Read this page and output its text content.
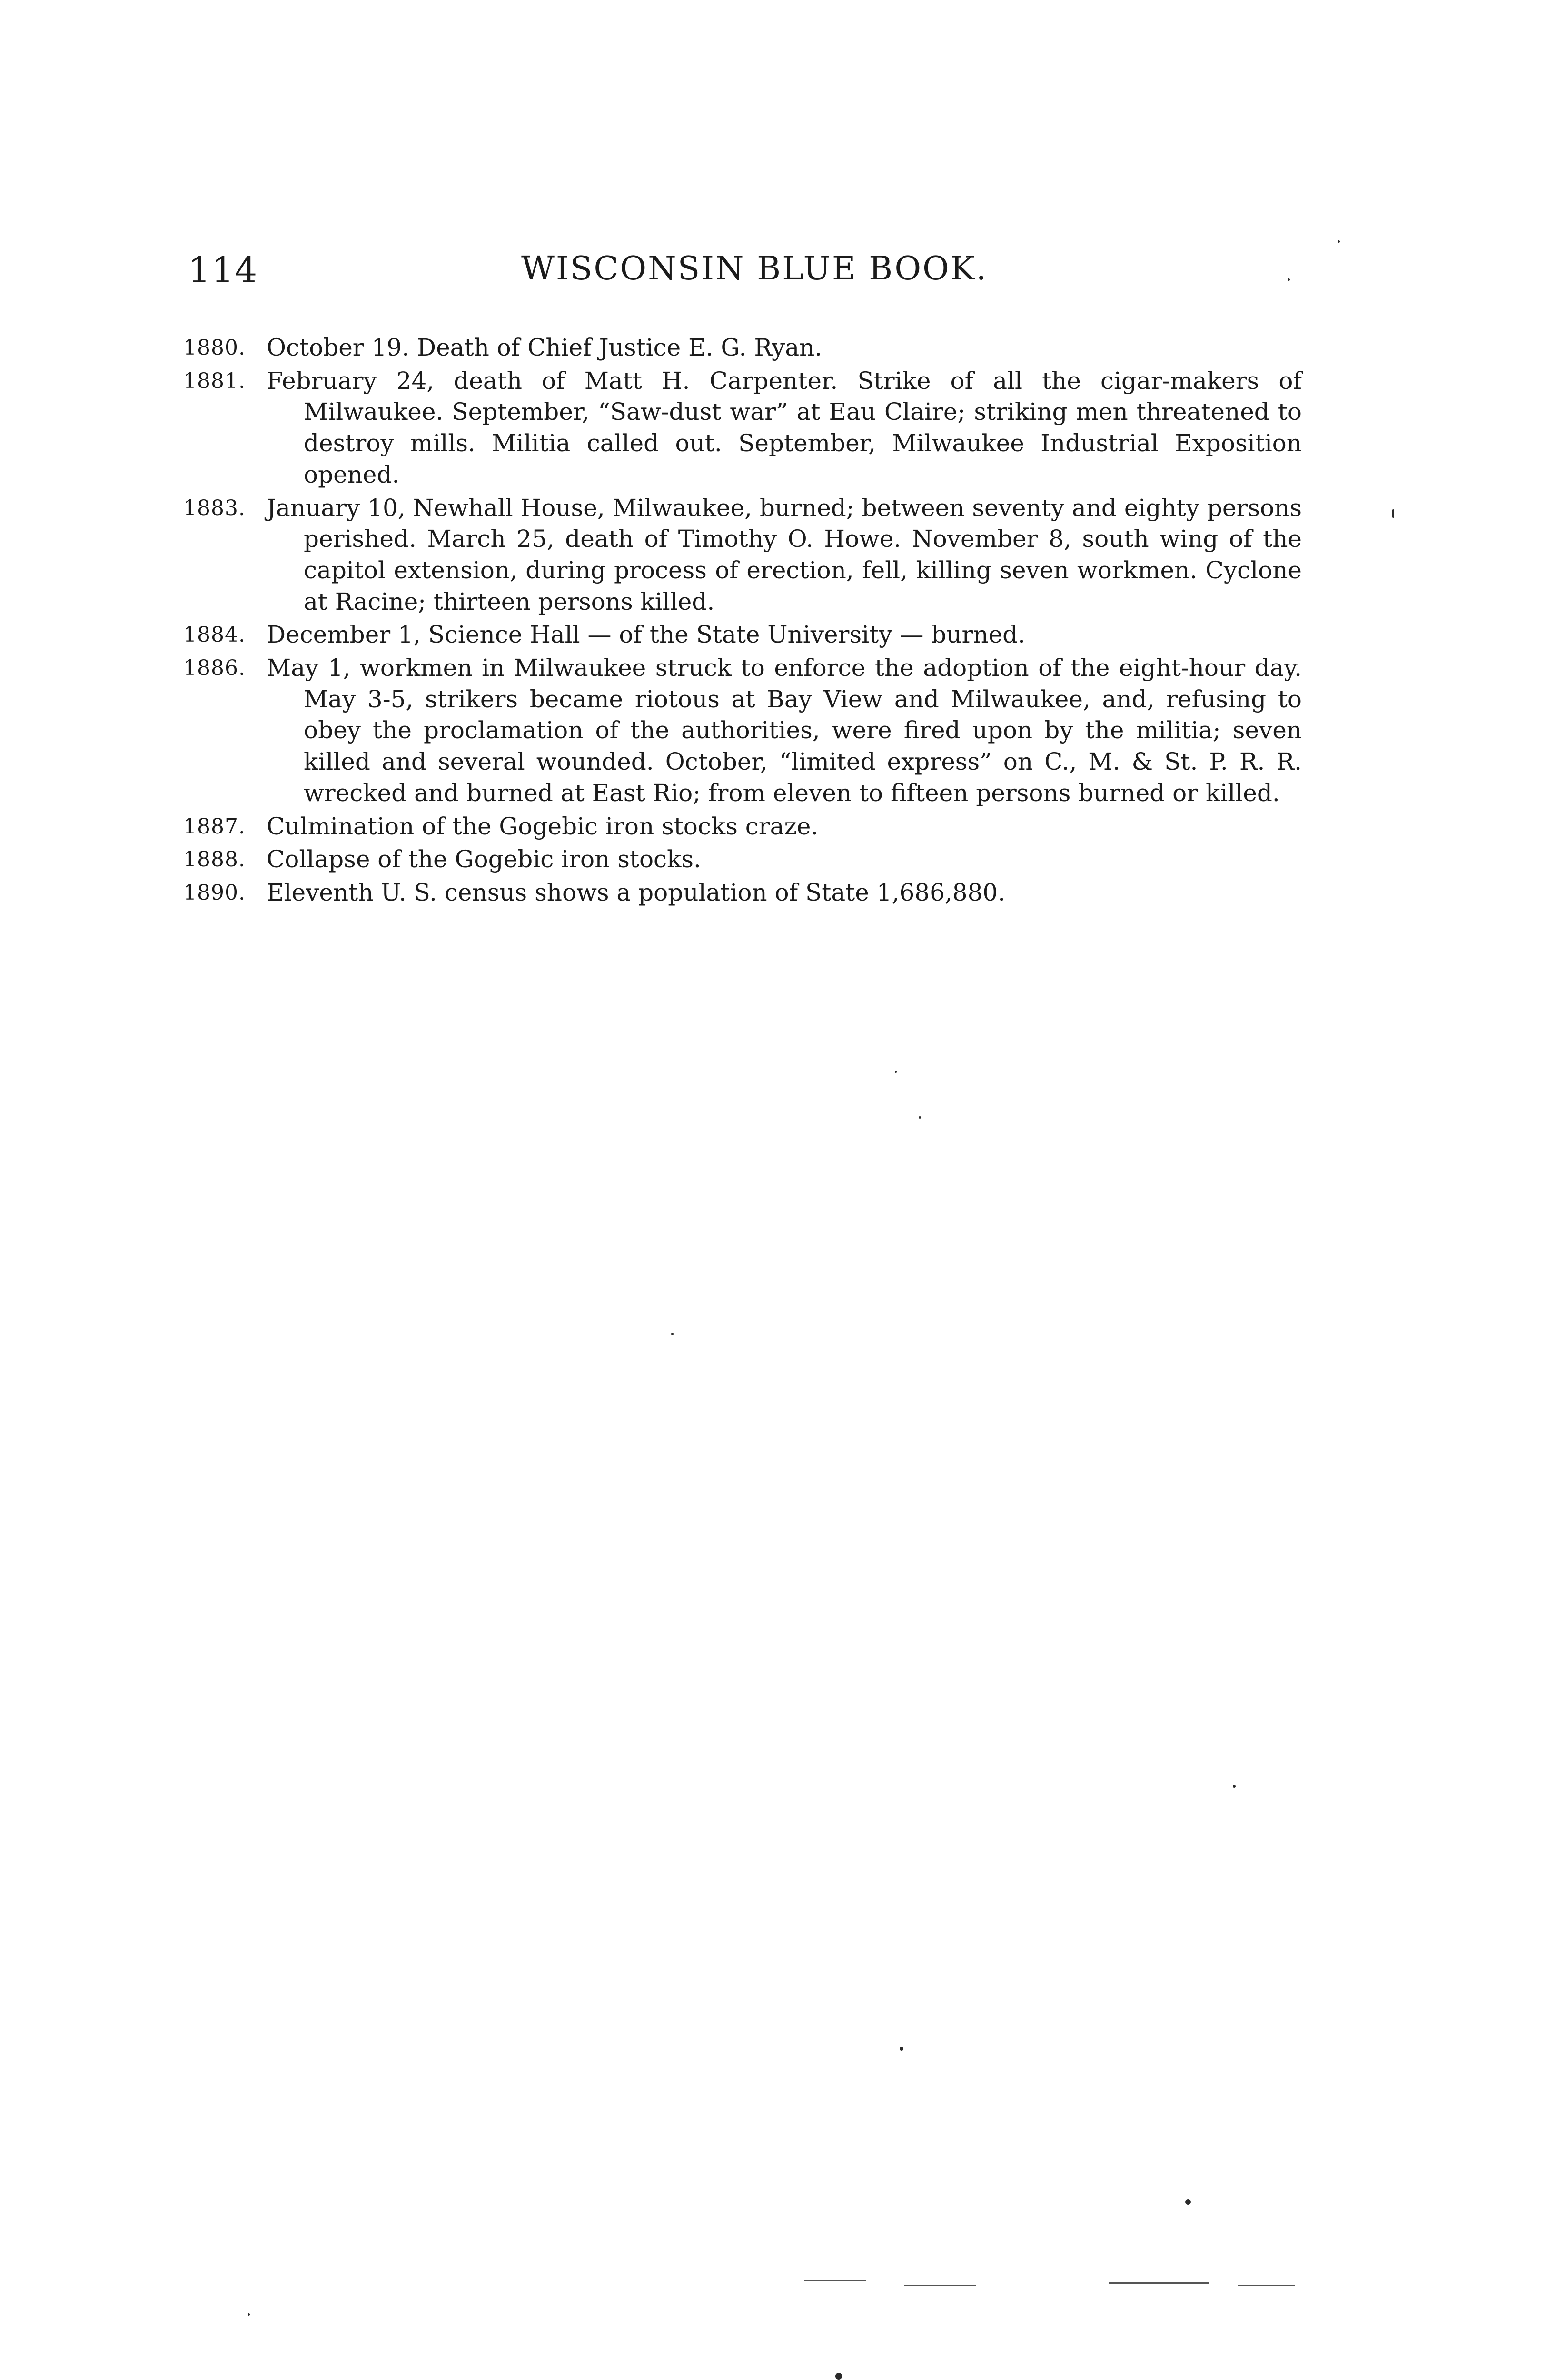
114	WISCONSIN BLUE BOOK.
1880. October 19. Death of Chief Justice E. G. Ryan.
1881. February 24, death of Matt H. Carpenter. Strike of all the cigar-makers of Milwaukee. September, “Saw-dust war” at Eau Claire; striking men threatened to destroy mills. Militia called out. September, Milwaukee Industrial Exposition opened.
1883. January 10, Newhall House, Milwaukee, burned; between seventy and eighty persons perished. March 25, death of Timothy O. Howe. November 8, south wing of the capitol extension, during process of erection, fell, killing seven workmen. Cyclone at Racine; thirteen persons killed.
1884. December 1, Science Hall — of the State University — burned.
1886. May 1, workmen in Milwaukee struck to enforce the adoption of the eight-hour day. May 3-5, strikers became riotous at Bay View and Milwaukee, and, refusing to obey the proclamation of the authorities, were fired upon by the militia; seven killed and several wounded. October, “limited express” on C., M. & St. P. R. R. wrecked and burned at East Rio; from eleven to fifteen persons burned or killed.
1887. Culmination of the Gogebic iron stocks craze.
1888. Collapse of the Gogebic iron stocks.
1890. Eleventh U. S. census shows a population of State 1,686,880.
